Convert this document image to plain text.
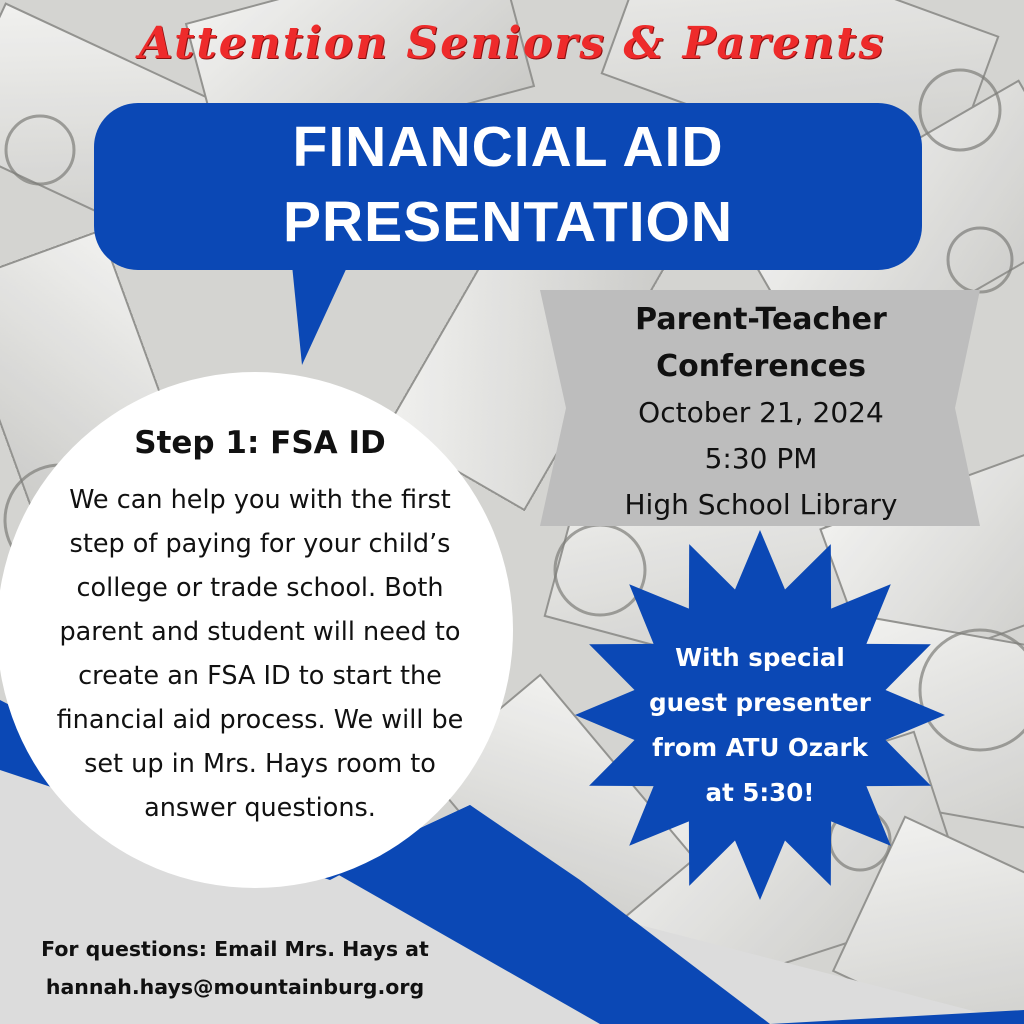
Attention Seniors & Parents
FINANCIAL AID
PRESENTATION
Step 1: FSA ID
We can help you with the first
step of paying for your child’s
college or trade school. Both
parent and student will need to
create an FSA ID to start the
financial aid process. We will be
set up in Mrs. Hays room to
answer questions.
Parent-Teacher
Conferences
October 21, 2024
5:30 PM
High School Library
With special
guest presenter
from ATU Ozark
at 5:30!
For questions: Email Mrs. Hays at
hannah.hays@mountainburg.org
